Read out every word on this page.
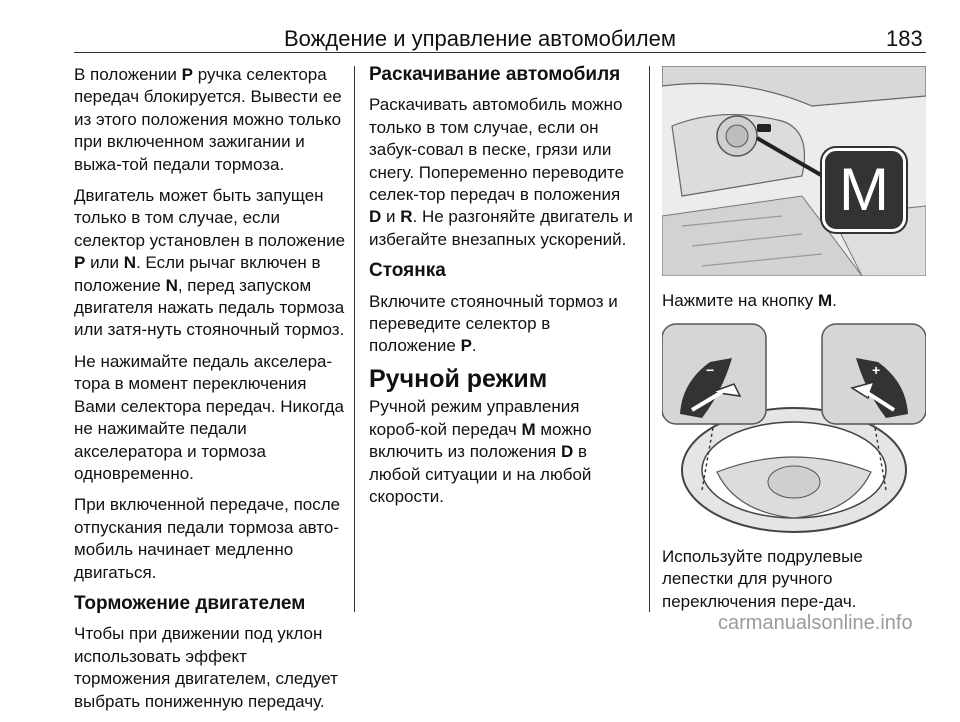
Вождение и управление автомобилем	183

В положении P ручка селектора передач блокируется. Вывести ее из этого положения можно только при включенном зажигании и выжа-той педали тормоза.

Двигатель может быть запущен только в том случае, если селектор установлен в положение P или N. Если рычаг включен в положение N, перед запуском двигателя нажать педаль тормоза или затя-нуть стояночный тормоз.

Не нажимайте педаль акселера-тора в момент переключения Вами селектора передач. Никогда не нажимайте педали акселератора и тормоза одновременно.

При включенной передаче, после отпускания педали тормоза авто-мобиль начинает медленно двигаться.

Торможение двигателем

Чтобы при движении под уклон использовать эффект торможения двигателем, следует выбрать пониженную передачу.

Раскачивание автомобиля

Раскачивать автомобиль можно только в том случае, если он забук-совал в песке, грязи или снегу. Попеременно переводите селек-тор передач в положения D и R. Не разгоняйте двигатель и избегайте внезапных ускорений.

Стоянка

Включите стояночный тормоз и переведите селектор в положение P.

Ручной режим

Ручной режим управления короб-кой передач M можно включить из положения D в любой ситуации и на любой скорости.

M
Нажмите на кнопку M.
−	+
Используйте подрулевые лепестки для ручного переключения пере-дач.
carmanualsonline.info
